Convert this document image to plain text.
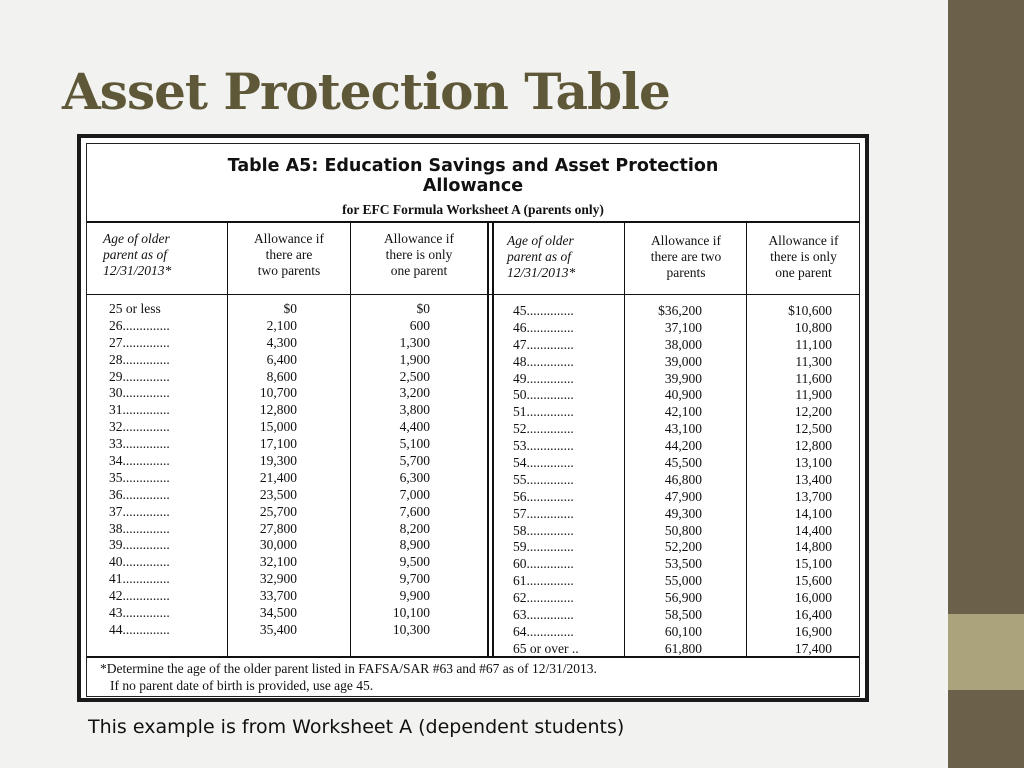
Asset Protection Table
Table A5: Education Savings and Asset Protection
Allowance
for EFC Formula Worksheet A (parents only)
Age of older
parent as of
12/31/2013*
Allowance if
there are
two parents
Allowance if
there is only
one parent
Age of older
parent as of
12/31/2013*
Allowance if
there are two
parents
Allowance if
there is only
one parent
25 or less
26..............
27..............
28..............
29..............
30..............
31..............
32..............
33..............
34..............
35..............
36..............
37..............
38..............
39..............
40..............
41..............
42..............
43..............
44..............
$0
2,100
4,300
6,400
8,600
10,700
12,800
15,000
17,100
19,300
21,400
23,500
25,700
27,800
30,000
32,100
32,900
33,700
34,500
35,400
$0
600
1,300
1,900
2,500
3,200
3,800
4,400
5,100
5,700
6,300
7,000
7,600
8,200
8,900
9,500
9,700
9,900
10,100
10,300
45..............
46..............
47..............
48..............
49..............
50..............
51..............
52..............
53..............
54..............
55..............
56..............
57..............
58..............
59..............
60..............
61..............
62..............
63..............
64..............
65 or over ..
$36,200
37,100
38,000
39,000
39,900
40,900
42,100
43,100
44,200
45,500
46,800
47,900
49,300
50,800
52,200
53,500
55,000
56,900
58,500
60,100
61,800
$10,600
10,800
11,100
11,300
11,600
11,900
12,200
12,500
12,800
13,100
13,400
13,700
14,100
14,400
14,800
15,100
15,600
16,000
16,400
16,900
17,400
*Determine the age of the older parent listed in FAFSA/SAR #63 and #67 as of 12/31/2013.
If no parent date of birth is provided, use age 45.
This example is from Worksheet A (dependent students)
